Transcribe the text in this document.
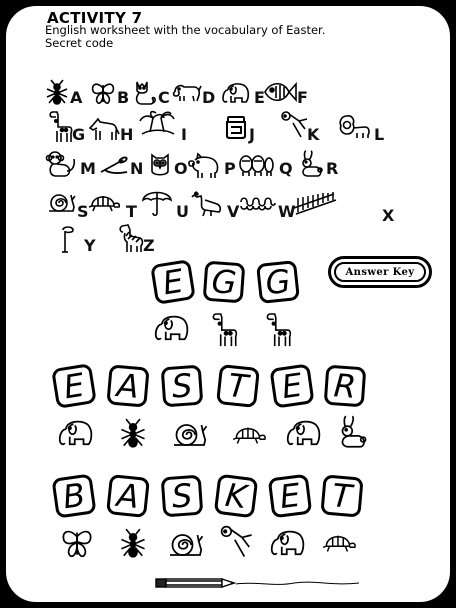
ACTIVITY 7
English worksheet with the vocabulary of Easter.
Secret code
A B C D E F
G H	I	J	K	L
M N O P	Q R
S T U V W	X
Y	Z
Answer Key
E G G
E A S	T E R
B A S K E T
